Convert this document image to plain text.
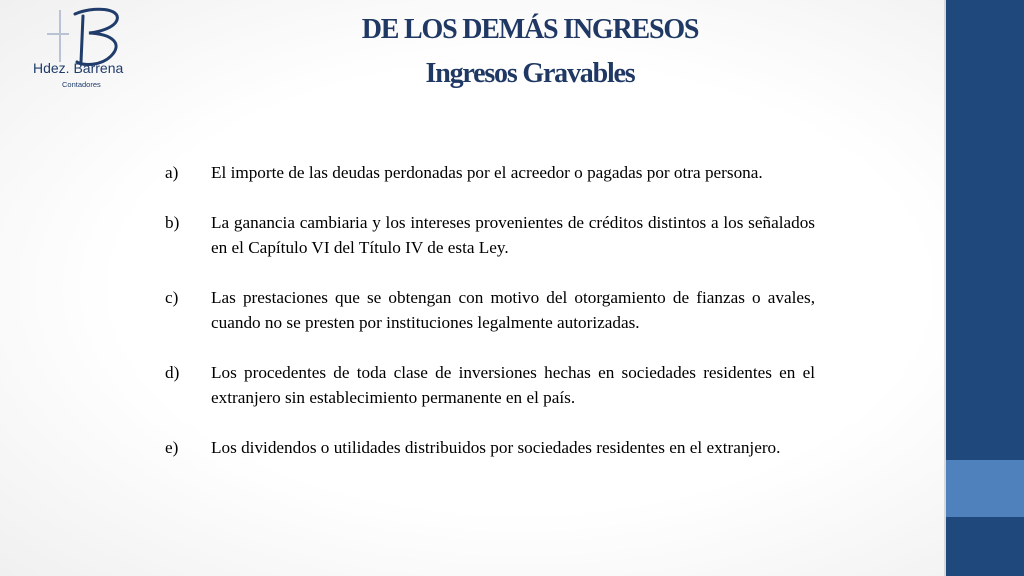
Hdez. Barrena
Contadores
DE LOS DEMÁS INGRESOS
Ingresos Gravables
a)	El importe de las deudas perdonadas por el acreedor o pagadas por otra persona.
b)	La ganancia cambiaria y los intereses provenientes de créditos distintos a los señalados en el Capítulo VI del Título IV de esta Ley.
c)	Las prestaciones que se obtengan con motivo del otorgamiento de fianzas o avales, cuando no se presten por instituciones legalmente autorizadas.
d)	Los procedentes de toda clase de inversiones hechas en sociedades residentes en el extranjero sin establecimiento permanente en el país.
e)	Los dividendos o utilidades distribuidos por sociedades residentes en el extranjero.
